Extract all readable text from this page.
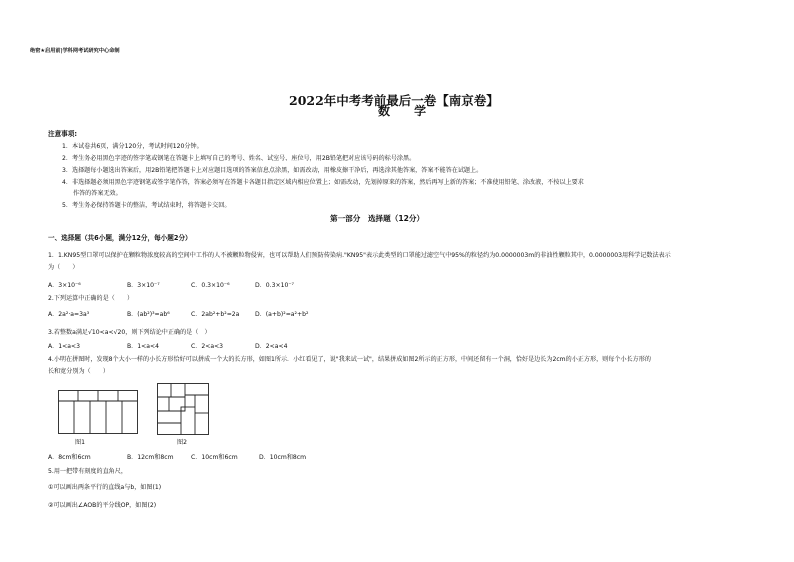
绝密★启用前|学科网考试研究中心命制
2022年中考考前最后一卷【南京卷】
数 学
注意事项:
1．本试卷共6页，满分120分，考试时间120分钟。
2．考生务必用黑色字迹的签字笔或钢笔在答题卡上填写自己的考号、姓名、试室号、座位号，用2B铅笔把对应该号码的标号涂黑。
3．选择题每小题选出答案后，用2B铅笔把答题卡上对应题目选项的答案信息点涂黑，如需改动，用橡皮擦干净后，再选涂其他答案，答案不能答在试题上。
4．非选择题必须用黑色字迹钢笔或签字笔作答，答案必须写在答题卡各题目指定区域内相应位置上；如需改动，先划掉原来的答案，然后再写上新的答案；不准使用铅笔、涂改液，不按以上要求
作答的答案无效。
5．考生务必保持答题卡的整洁，考试结束时，将答题卡交回。
第一部分　选择题（12分）
一、选择题（共6小题，满分12分，每小题2分）
1．1.KN95型口罩可以保护在颗粒物浓度较高的空间中工作的人不被颗粒物侵害，也可以帮助人们预防传染病."KN95"表示此类型的口罩能过滤空气中95%的粒径约为0.0000003m的非油性颗粒其中，0.0000003用科学记数法表示
为（　　）
A．3×10⁻⁶	B．3×10⁻⁷	C．0.3×10⁻⁶	D．0.3×10⁻⁷
2.下列运算中正确的是（　　）
A．2a²·a=3a³	B．(ab²)³=ab⁶	C．2ab²+b²=2a	D．(a+b)²=a²+b²
3.若整数a满足√10<a<√20，则下列结论中正确的是（　）
A．1<a<3	B．1<a<4	C．2<a<3	D．2<a<4
4.小明在拼图时，发现8个大小一样的小长方形恰好可以拼成一个大的长方形，如图1所示．小红看见了，说"我来试一试"，结果拼成如图2所示的正方形，中间还留有一个洞，恰好是边长为2cm的小正方形，则每个小长方形的
长和宽分别为（　　）
图1	图2
A．8cm和6cm	B．12cm和8cm	C．10cm和6cm	D．10cm和8cm
5.用一把带有刻度的直角尺，
①可以画出两条平行的直线a与b，如图(1)
②可以画出∠AOB的平分线OP，如图(2)
